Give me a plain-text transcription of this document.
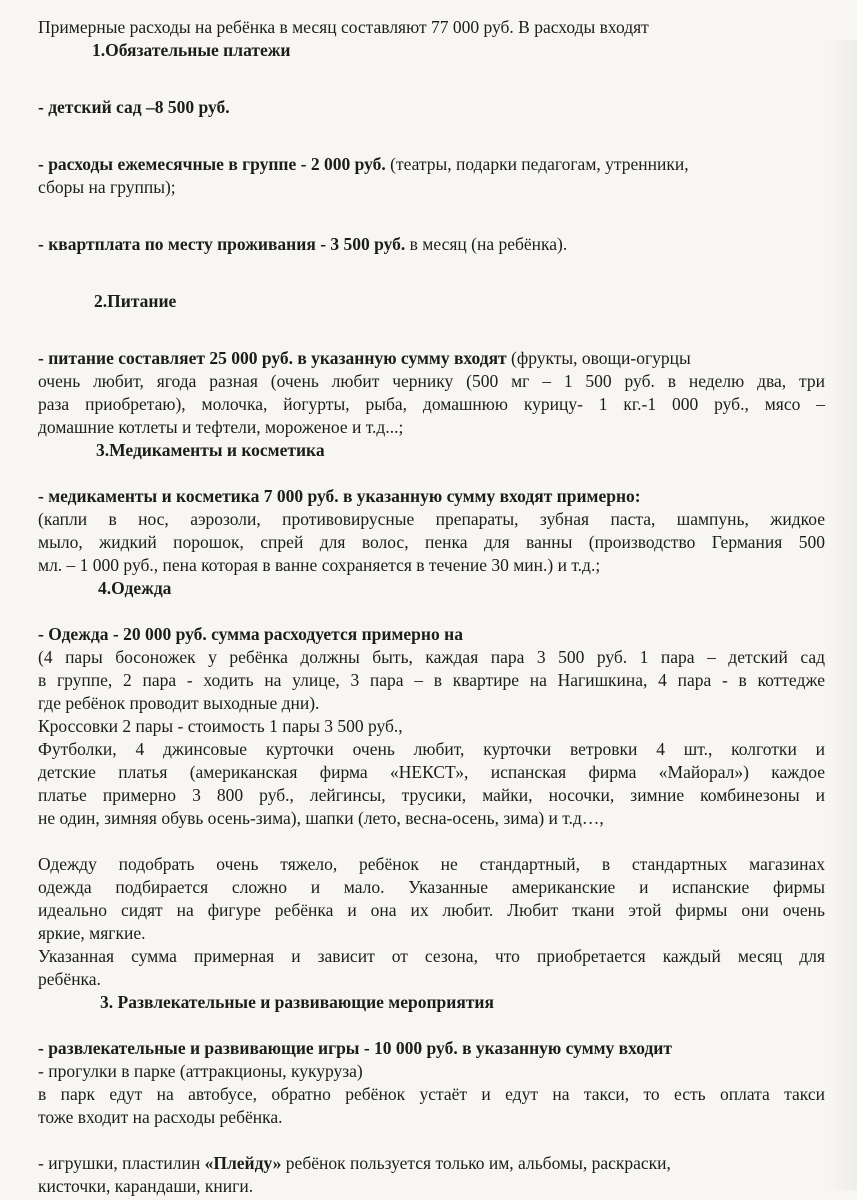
Примерные расходы на ребёнка в месяц составляют 77 000 руб. В расходы входят
1.Обязательные платежи
- детский сад –8 500 руб.
- расходы ежемесячные в группе - 2 000 руб. (театры, подарки педагогам, утренники,
сборы на группы);
- квартплата по месту проживания - 3 500 руб. в месяц (на ребёнка).
2.Питание
- питание составляет 25 000 руб. в указанную сумму входят (фрукты, овощи-огурцы
очень любит, ягода разная (очень любит чернику (500 мг – 1 500 руб. в неделю два, три
раза приобретаю), молочка, йогурты, рыба, домашнюю курицу- 1 кг.-1 000 руб., мясо –
домашние котлеты и тефтели, мороженое и т.д...;
3.Медикаменты и косметика
- медикаменты и косметика 7 000 руб. в указанную сумму входят примерно:
(капли в нос, аэрозоли, противовирусные препараты, зубная паста, шампунь, жидкое
мыло, жидкий порошок, спрей для волос, пенка для ванны (производство Германия 500
мл. – 1 000 руб., пена которая в ванне сохраняется в течение 30 мин.) и т.д.;
4.Одежда
- Одежда - 20 000 руб. сумма расходуется примерно на
(4 пары босоножек у ребёнка должны быть, каждая пара 3 500 руб. 1 пара – детский сад
в группе, 2 пара - ходить на улице, 3 пара – в квартире на Нагишкина, 4 пара - в коттедже
где ребёнок проводит выходные дни).
Кроссовки 2 пары - стоимость 1 пары 3 500 руб.,
Футболки, 4 джинсовые курточки очень любит, курточки ветровки 4 шт., колготки и
детские платья (американская фирма «НЕКСТ», испанская фирма «Майорал») каждое
платье примерно 3 800 руб., лейгинсы, трусики, майки, носочки, зимние комбинезоны и
не один, зимняя обувь осень-зима), шапки (лето, весна-осень, зима) и т.д…,
Одежду подобрать очень тяжело, ребёнок не стандартный, в стандартных магазинах
одежда подбирается сложно и мало. Указанные американские и испанские фирмы
идеально сидят на фигуре ребёнка и она их любит. Любит ткани этой фирмы они очень
яркие, мягкие.
Указанная сумма примерная и зависит от сезона, что приобретается каждый месяц для
ребёнка.
3. Развлекательные и развивающие мероприятия
- развлекательные и развивающие игры - 10 000 руб. в указанную сумму входит
- прогулки в парке (аттракционы, кукуруза)
в парк едут на автобусе, обратно ребёнок устаёт и едут на такси, то есть оплата такси
тоже входит на расходы ребёнка.
- игрушки, пластилин «Плейду» ребёнок пользуется только им, альбомы, раскраски,
кисточки, карандаши, книги.
